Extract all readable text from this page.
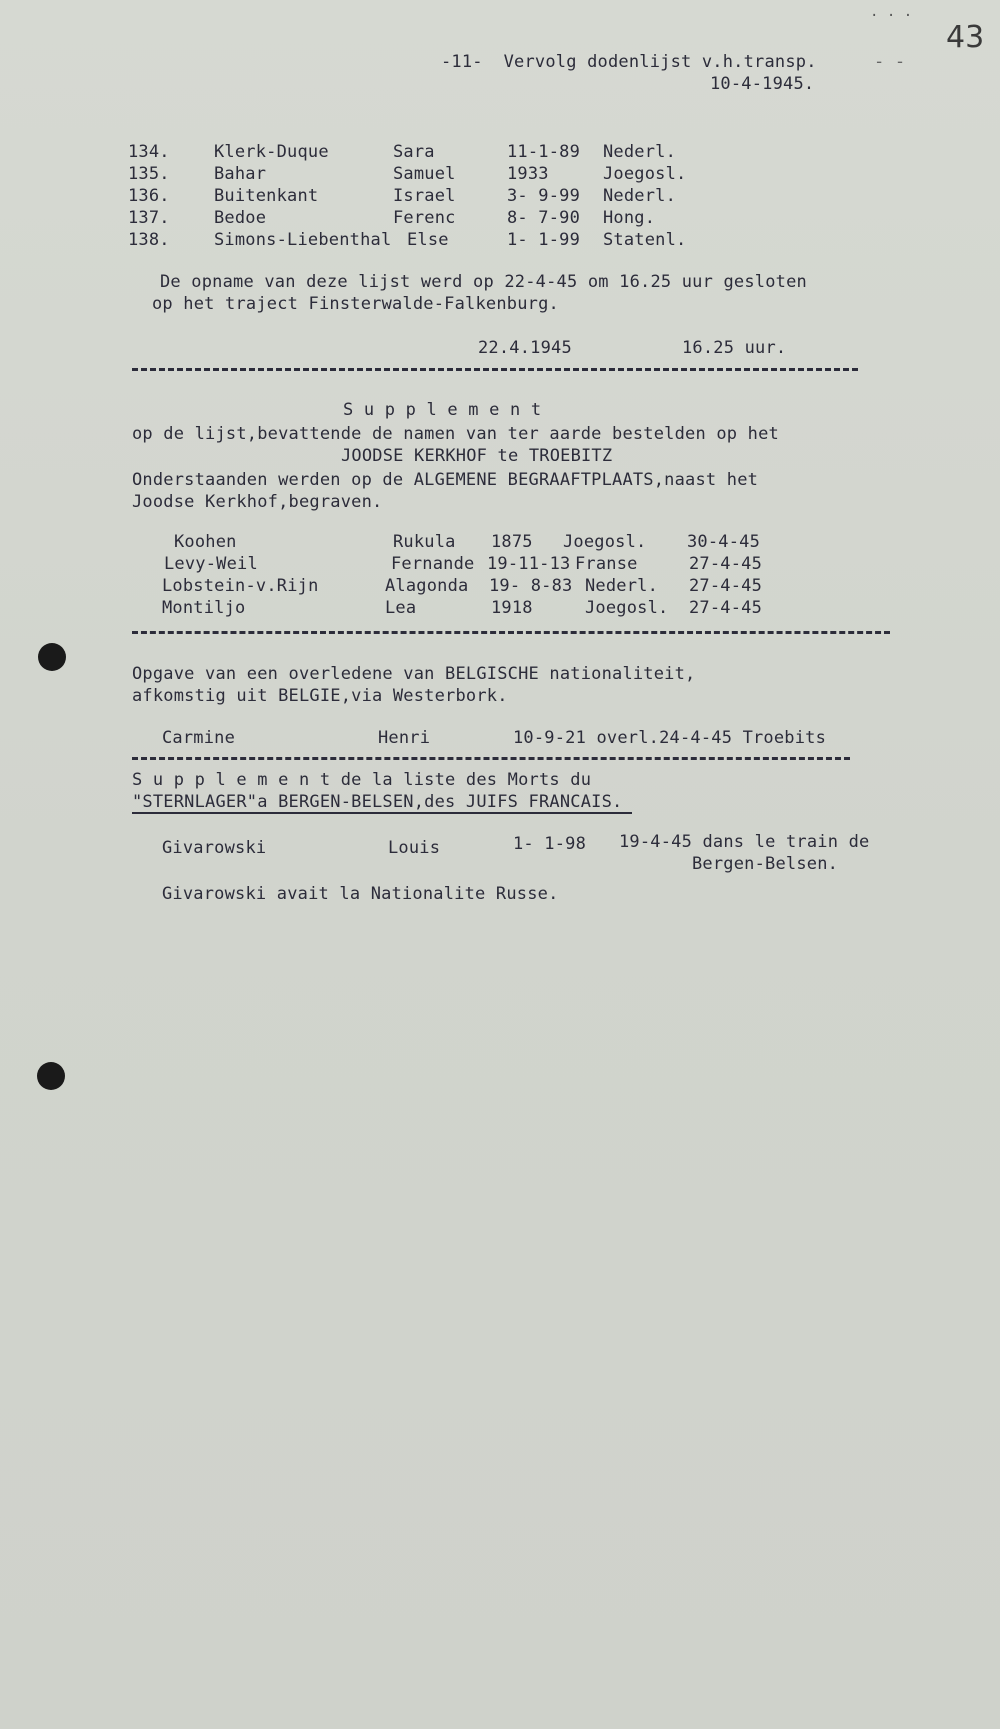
. . .
43
-11-  Vervolg dodenlijst v.h.transp.	- -
10-4-1945.
134.	Klerk-Duque	Sara	11-1-89 Nederl.
135.	Bahar	Samuel	1933	Joegosl.
136.	Buitenkant	Israel	3- 9-99 Nederl.
137.	Bedoe	Ferenc	8- 7-90 Hong.
138.	Simons-Liebenthal Else	1- 1-99 Statenl.
De opname van deze lijst werd op 22-4-45 om 16.25 uur gesloten
op het traject Finsterwalde-Falkenburg.
22.4.1945	16.25 uur.
S u p p l e m e n t
op de lijst,bevattende de namen van ter aarde bestelden op het
JOODSE KERKHOF te TROEBITZ
Onderstaanden werden op de ALGEMENE BEGRAAFTPLAATS,naast het
Joodse Kerkhof,begraven.
Koohen	Rukula 1875 Joegosl. 30-4-45
Levy-Weil	Fernande 19-11-13 Franse	27-4-45
Lobstein-v.Rijn	Alagonda 19- 8-83 Nederl. 27-4-45
Montiljo	Lea	1918	Joegosl. 27-4-45
Opgave van een overledene van BELGISCHE nationaliteit,
afkomstig uit BELGIE,via Westerbork.
Carmine	Henri	10-9-21 overl.24-4-45 Troebits
S u p p l e m e n t de la liste des Morts du
"STERNLAGER"a BERGEN-BELSEN,des JUIFS FRANCAIS.
Givarowski	Louis	1- 1-98 19-4-45 dans le train de
Bergen-Belsen.
Givarowski avait la Nationalite Russe.
